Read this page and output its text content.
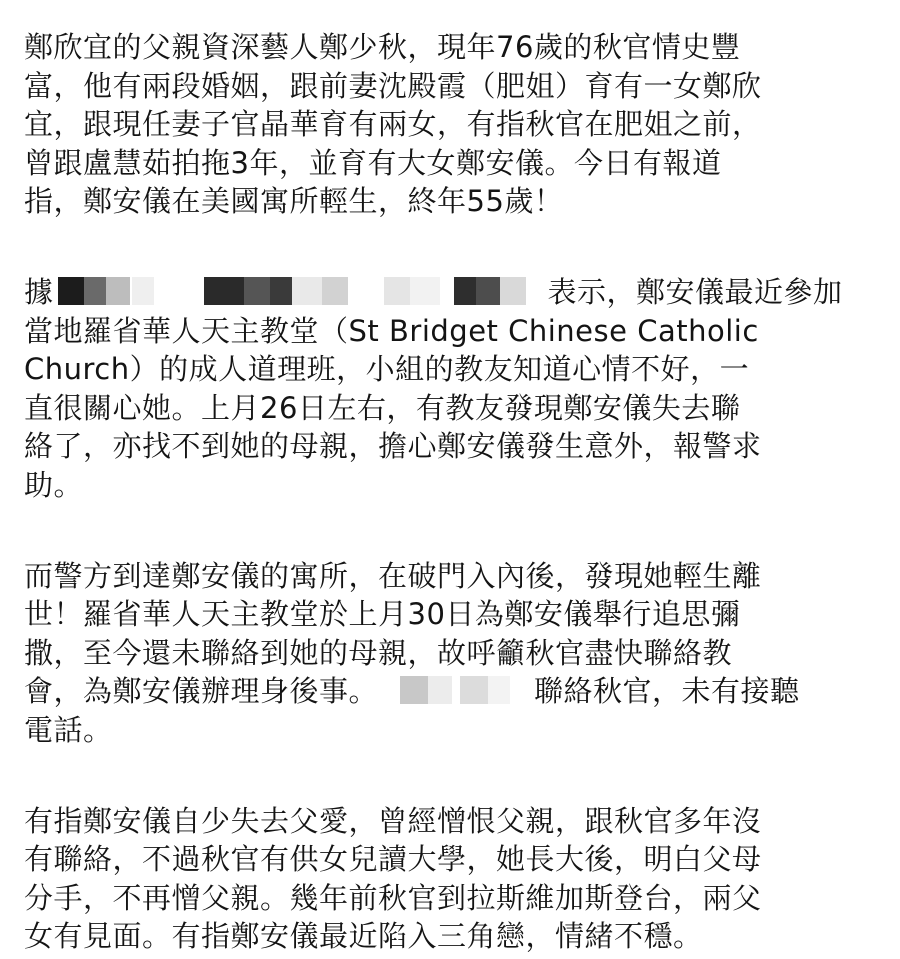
鄭欣宜的父親資深藝人鄭少秋，現年76歲的秋官情史豐
富，他有兩段婚姻，跟前妻沈殿霞（肥姐）育有一女鄭欣
宜，跟現任妻子官晶華育有兩女，有指秋官在肥姐之前，
曾跟盧慧茹拍拖3年，並育有大女鄭安儀。今日有報道
指，鄭安儀在美國寓所輕生，終年55歲！

據	表示，鄭安儀最近參加
當地羅省華人天主教堂（St Bridget Chinese Catholic
Church）的成人道理班，小組的教友知道心情不好，一
直很關心她。上月26日左右，有教友發現鄭安儀失去聯
絡了，亦找不到她的母親，擔心鄭安儀發生意外，報警求
助。

而警方到達鄭安儀的寓所，在破門入內後，發現她輕生離
世！羅省華人天主教堂於上月30日為鄭安儀舉行追思彌
撒，至今還未聯絡到她的母親，故呼籲秋官盡快聯絡教
會，為鄭安儀辦理身後事。	聯絡秋官，未有接聽
電話。

有指鄭安儀自少失去父愛，曾經憎恨父親，跟秋官多年沒
有聯絡，不過秋官有供女兒讀大學，她長大後，明白父母
分手，不再憎父親。幾年前秋官到拉斯維加斯登台，兩父
女有見面。有指鄭安儀最近陷入三角戀，情緒不穩。
